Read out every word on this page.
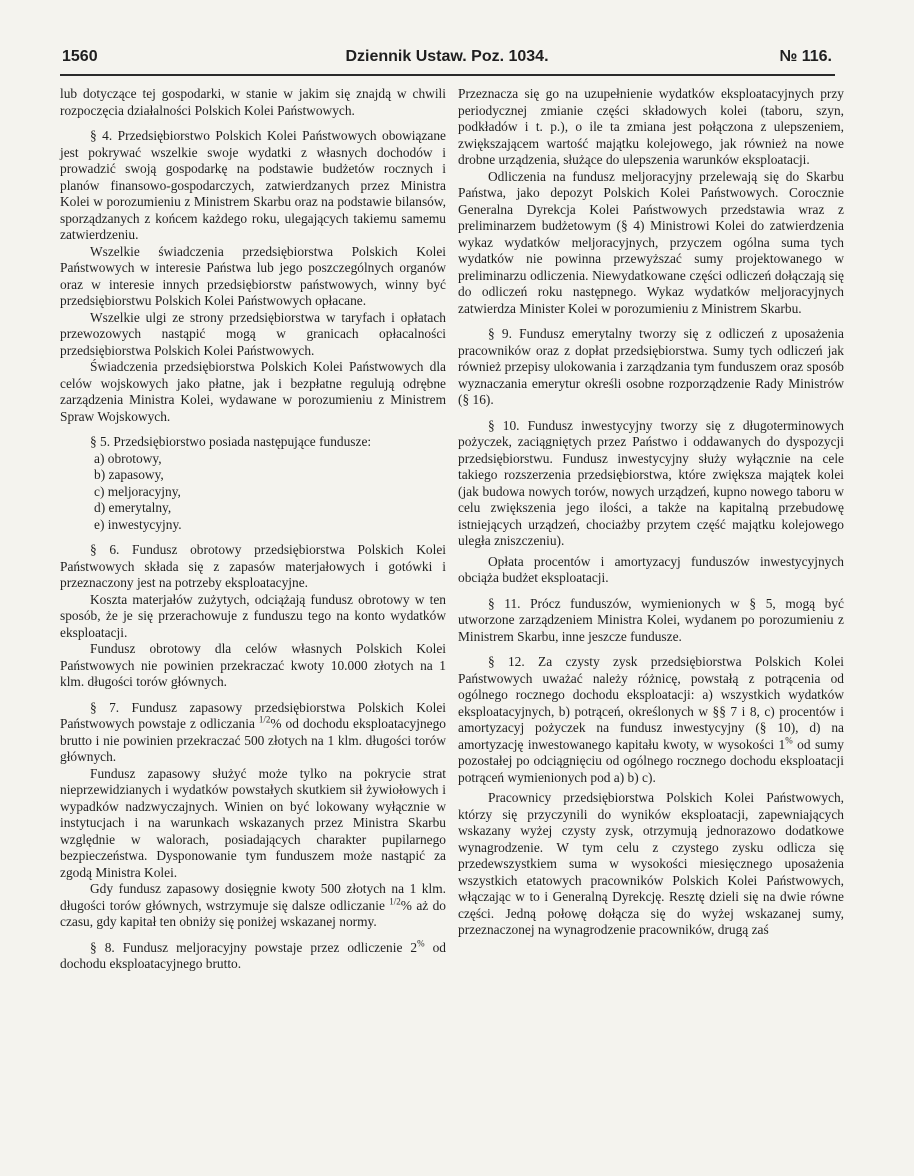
1560	Dziennik Ustaw. Poz. 1034.	№ 116.

lub dotyczące tej gospodarki, w stanie w jakim się znajdą w chwili rozpoczęcia działalności Polskich Kolei Państwowych.

§ 4. Przedsiębiorstwo Polskich Kolei Państwowych obowiązane jest pokrywać wszelkie swoje wydatki z własnych dochodów i prowadzić swoją gospodarkę na podstawie budżetów rocznych i planów finansowo-gospodarczych, zatwierdzanych przez Ministra Kolei w porozumieniu z Ministrem Skarbu oraz na podstawie bilansów, sporządzanych z końcem każdego roku, ulegających takiemu samemu zatwierdzeniu.

Wszelkie świadczenia przedsiębiorstwa Polskich Kolei Państwowych w interesie Państwa lub jego poszczególnych organów oraz w interesie innych przedsiębiorstw państwowych, winny być przedsiębiorstwu Polskich Kolei Państwowych opłacane.

Wszelkie ulgi ze strony przedsiębiorstwa w taryfach i opłatach przewozowych nastąpić mogą w granicach opłacalności przedsiębiorstwa Polskich Kolei Państwowych.

Świadczenia przedsiębiorstwa Polskich Kolei Państwowych dla celów wojskowych jako płatne, jak i bezpłatne regulują odrębne zarządzenia Ministra Kolei, wydawane w porozumieniu z Ministrem Spraw Wojskowych.

§ 5. Przedsiębiorstwo posiada następujące fundusze:

a) obrotowy,
b) zapasowy,
c) meljoracyjny,
d) emerytalny,
e) inwestycyjny.

§ 6. Fundusz obrotowy przedsiębiorstwa Polskich Kolei Państwowych składa się z zapasów materjałowych i gotówki i przeznaczony jest na potrzeby eksploatacyjne.

Koszta materjałów zużytych, odciążają fundusz obrotowy w ten sposób, że je się przerachowuje z funduszu tego na konto wydatków eksploatacji.

Fundusz obrotowy dla celów własnych Polskich Kolei Państwowych nie powinien przekraczać kwoty 10.000 złotych na 1 klm. długości torów głównych.

§ 7. Fundusz zapasowy przedsiębiorstwa Polskich Kolei Państwowych powstaje z odliczania $^{1/2}$% od dochodu eksploatacyjnego brutto i nie powinien przekraczać 500 złotych na 1 klm. długości torów głównych.

Fundusz zapasowy służyć może tylko na pokrycie strat nieprzewidzianych i wydatków powstałych skutkiem sił żywiołowych i wypadków nadzwyczajnych. Winien on być lokowany wyłącznie w instytucjach i na warunkach wskazanych przez Ministra Skarbu względnie w walorach, posiadających charakter pupilarnego bezpieczeństwa. Dysponowanie tym funduszem może nastąpić za zgodą Ministra Kolei.

Gdy fundusz zapasowy dosięgnie kwoty 500 złotych na 1 klm. długości torów głównych, wstrzymuje się dalsze odliczanie $^{1/2}$% aż do czasu, gdy kapitał ten obniży się poniżej wskazanej normy.

§ 8. Fundusz meljoracyjny powstaje przez odliczenie 2% od dochodu eksploatacyjnego brutto.

Przeznacza się go na uzupełnienie wydatków eksploatacyjnych przy periodycznej zmianie części składowych kolei (taboru, szyn, podkładów i t. p.), o ile ta zmiana jest połączona z ulepszeniem, zwiększającem wartość majątku kolejowego, jak również na nowe drobne urządzenia, służące do ulepszenia warunków eksploatacji.

Odliczenia na fundusz meljoracyjny przelewają się do Skarbu Państwa, jako depozyt Polskich Kolei Państwowych. Corocznie Generalna Dyrekcja Kolei Państwowych przedstawia wraz z preliminarzem budżetowym (§ 4) Ministrowi Kolei do zatwierdzenia wykaz wydatków meljoracyjnych, przyczem ogólna suma tych wydatków nie powinna przewyższać sumy projektowanego w preliminarzu odliczenia. Niewydatkowane części odliczeń dołączają się do odliczeń roku następnego. Wykaz wydatków meljoracyjnych zatwierdza Minister Kolei w porozumieniu z Ministrem Skarbu.

§ 9. Fundusz emerytalny tworzy się z odliczeń z uposażenia pracowników oraz z dopłat przedsiębiorstwa. Sumy tych odliczeń jak również przepisy ulokowania i zarządzania tym funduszem oraz sposób wyznaczania emerytur określi osobne rozporządzenie Rady Ministrów (§ 16).

§ 10. Fundusz inwestycyjny tworzy się z długoterminowych pożyczek, zaciągniętych przez Państwo i oddawanych do dyspozycji przedsiębiorstwu. Fundusz inwestycyjny służy wyłącznie na cele takiego rozszerzenia przedsiębiorstwa, które zwiększa majątek kolei (jak budowa nowych torów, nowych urządzeń, kupno nowego taboru w celu zwiększenia jego ilości, a także na kapitalną przebudowę istniejących urządzeń, chociażby przytem część majątku kolejowego uległa zniszczeniu).

Opłata procentów i amortyzacyj funduszów inwestycyjnych obciąża budżet eksploatacji.

§ 11. Prócz funduszów, wymienionych w § 5, mogą być utworzone zarządzeniem Ministra Kolei, wydanem po porozumieniu z Ministrem Skarbu, inne jeszcze fundusze.

§ 12. Za czysty zysk przedsiębiorstwa Polskich Kolei Państwowych uważać należy różnicę, powstałą z potrącenia od ogólnego rocznego dochodu eksploatacji: a) wszystkich wydatków eksploatacyjnych, b) potrąceń, określonych w §§ 7 i 8, c) procentów i amortyzacyj pożyczek na fundusz inwestycyjny (§ 10), d) na amortyzację inwestowanego kapitału kwoty, w wysokości 1% od sumy pozostałej po odciągnięciu od ogólnego rocznego dochodu eksploatacji potrąceń wymienionych pod a) b) c).

Pracownicy przedsiębiorstwa Polskich Kolei Państwowych, którzy się przyczynili do wyników eksploatacji, zapewniających wskazany wyżej czysty zysk, otrzymują jednorazowo dodatkowe wynagrodzenie. W tym celu z czystego zysku odlicza się przedewszystkiem suma w wysokości miesięcznego uposażenia wszystkich etatowych pracowników Polskich Kolei Państwowych, włączając w to i Generalną Dyrekcję. Resztę dzieli się na dwie równe części. Jedną połowę dołącza się do wyżej wskazanej sumy, przeznaczonej na wynagrodzenie pracowników, drugą zaś
